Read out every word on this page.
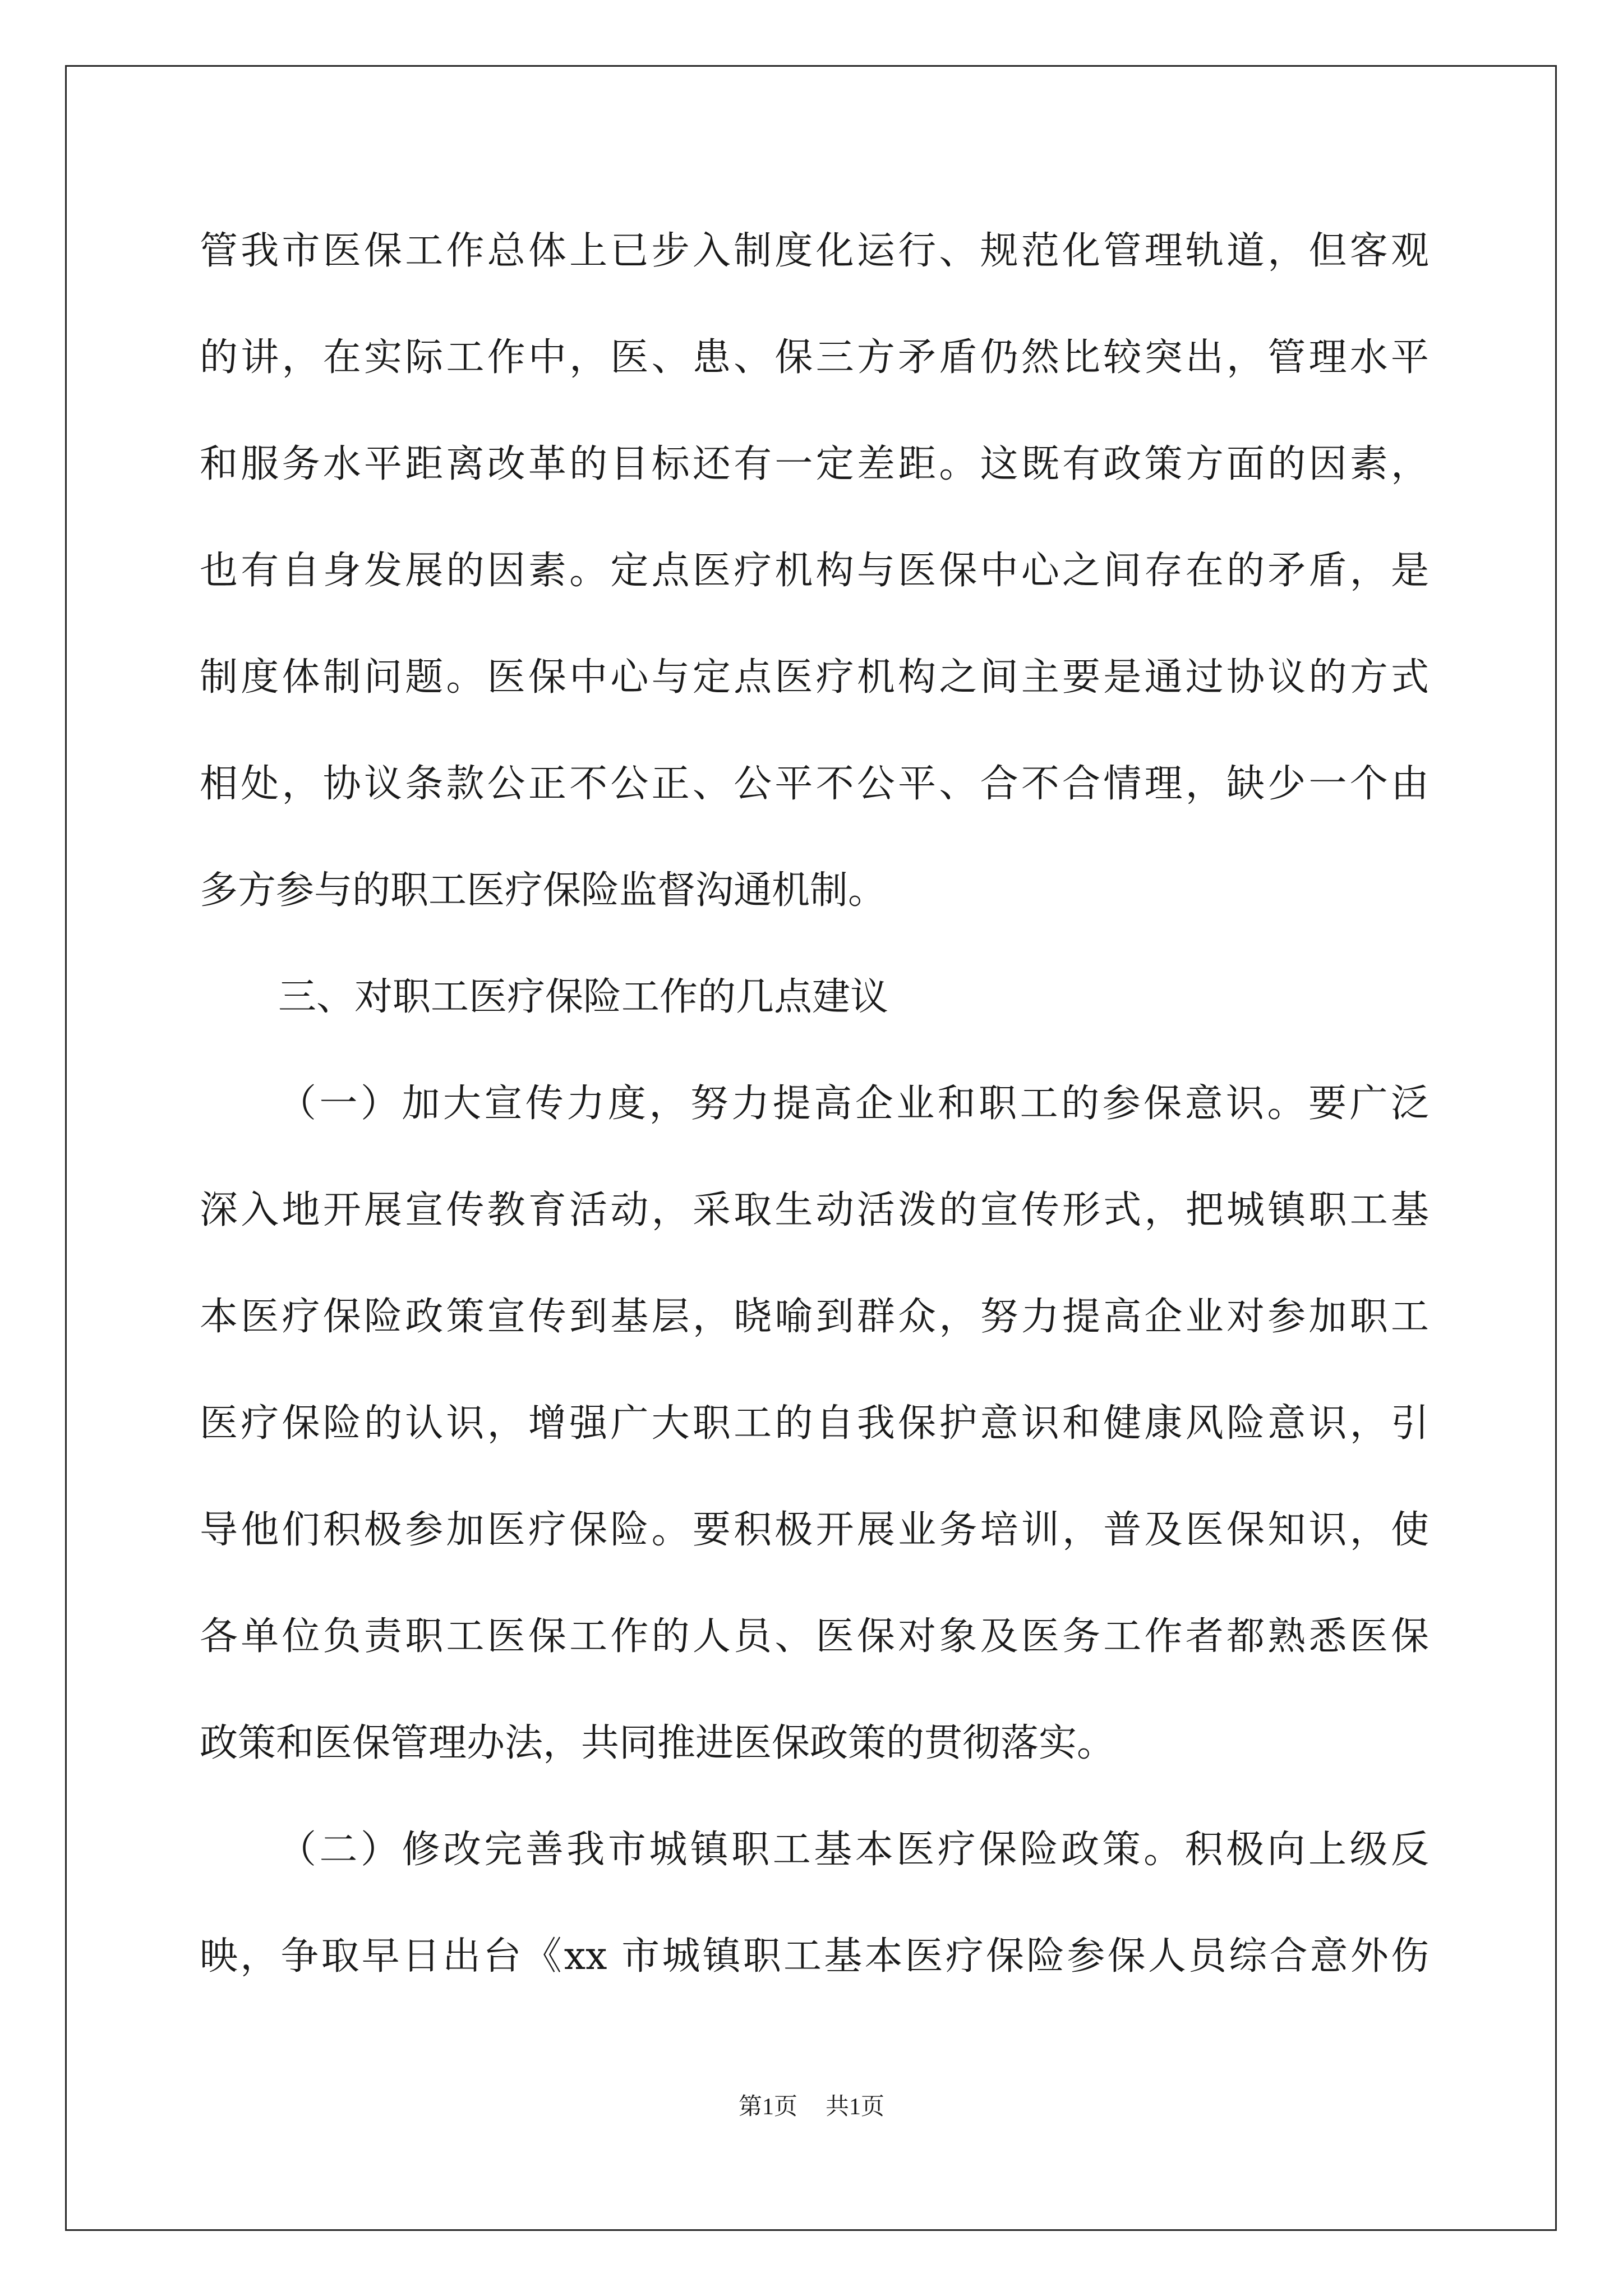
管我市医保工作总体上已步入制度化运行、规范化管理轨道，但客观
的讲，在实际工作中，医、患、保三方矛盾仍然比较突出，管理水平
和服务水平距离改革的目标还有一定差距。这既有政策方面的因素，
也有自身发展的因素。定点医疗机构与医保中心之间存在的矛盾，是
制度体制问题。医保中心与定点医疗机构之间主要是通过协议的方式
相处，协议条款公正不公正、公平不公平、合不合情理，缺少一个由
多方参与的职工医疗保险监督沟通机制。
三、对职工医疗保险工作的几点建议
（一）加大宣传力度，努力提高企业和职工的参保意识。要广泛
深入地开展宣传教育活动，采取生动活泼的宣传形式，把城镇职工基
本医疗保险政策宣传到基层，晓喻到群众，努力提高企业对参加职工
医疗保险的认识，增强广大职工的自我保护意识和健康风险意识，引
导他们积极参加医疗保险。要积极开展业务培训，普及医保知识，使
各单位负责职工医保工作的人员、医保对象及医务工作者都熟悉医保
政策和医保管理办法，共同推进医保政策的贯彻落实。
（二）修改完善我市城镇职工基本医疗保险政策。积极向上级反
映，争取早日出台《xx 市城镇职工基本医疗保险参保人员综合意外伤
第1页 共1页
